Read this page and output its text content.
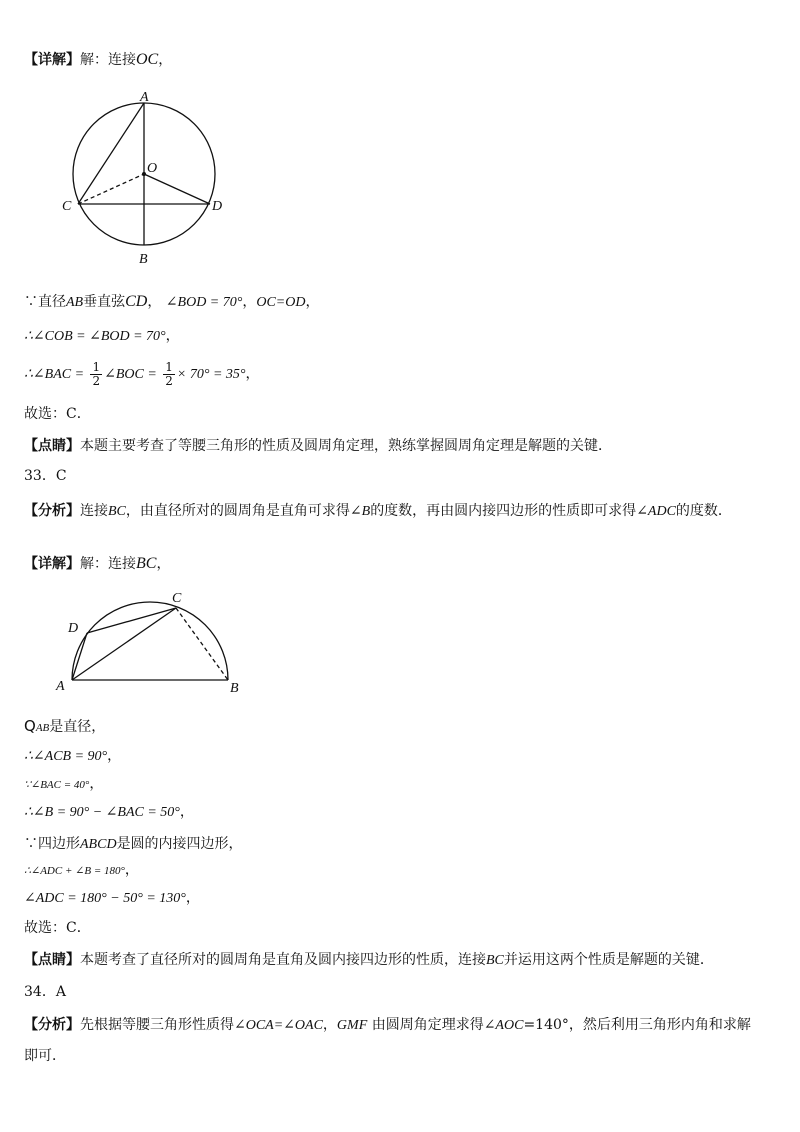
【详解】解：连接OC，
A
O
C	D
B
∵直径AB垂直弦CD， ∠BOD = 70°，OC=OD，
∴∠COB = ∠BOD = 70°，
∴∠BAC = $\frac{1}{2}$ ∠BOC = $\frac{1}{2} \times 70^\circ = 35^\circ$，
故选：C．
【点睛】本题主要考查了等腰三角形的性质及圆周角定理，熟练掌握圆周角定理是解题的关键．
33．C
【分析】连接BC，由直径所对的圆周角是直角可求得∠B的度数，再由圆内接四边形的性质即可求得∠ADC的度数．
【详解】解：连接BC，
A	B
C
D
QAB是直径，
∴∠ACB = 90°，
∵∠BAC = 40°，
∴∠B = 90° − ∠BAC = 50°，
∵四边形ABCD是圆的内接四边形，
∴∠ADC + ∠B = 180°，
∠ADC = 180° − 50° = 130°，
故选：C．
【点睛】本题考查了直径所对的圆周角是直角及圆内接四边形的性质，连接BC并运用这两个性质是解题的关键．
34．A
【分析】先根据等腰三角形性质得∠OCA=∠OAC，GMF 由圆周角定理求得∠AOC=140°，然后利用三角形内角和求解即可．
